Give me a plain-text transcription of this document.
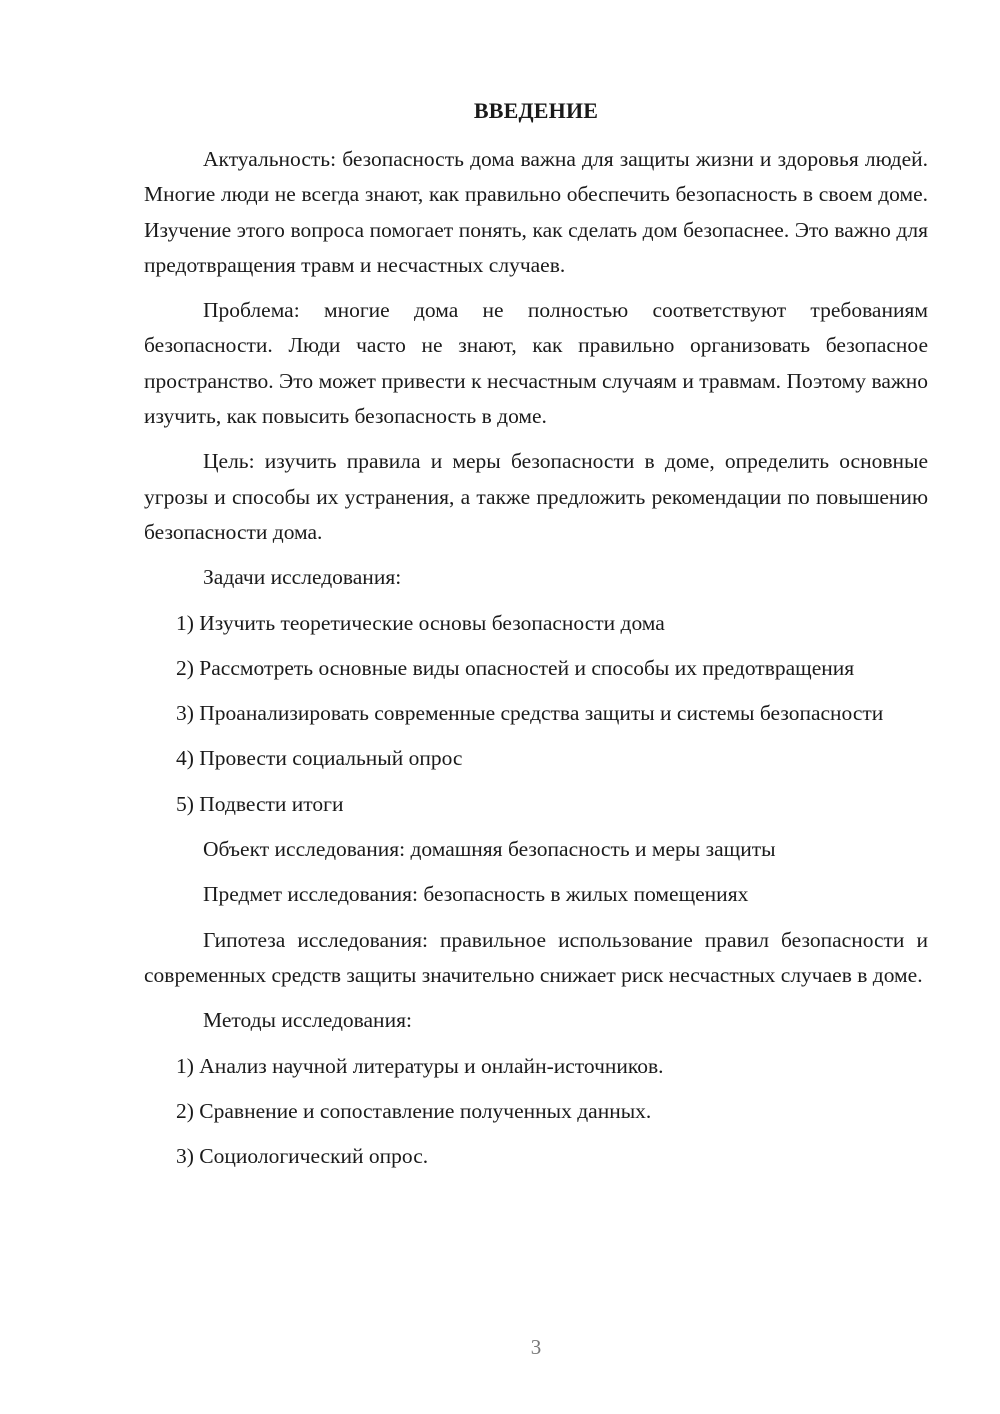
ВВЕДЕНИЕ

Актуальность: безопасность дома важна для защиты жизни и здоровья людей. Многие люди не всегда знают, как правильно обеспечить безопасность в своем доме. Изучение этого вопроса помогает понять, как сделать дом безопаснее. Это важно для предотвращения травм и несчастных случаев.

Проблема: многие дома не полностью соответствуют требованиям безопасности. Люди часто не знают, как правильно организовать безопасное пространство. Это может привести к несчастным случаям и травмам. Поэтому важно изучить, как повысить безопасность в доме.

Цель: изучить правила и меры безопасности в доме, определить основные угрозы и способы их устранения, а также предложить рекомендации по повышению безопасности дома.

Задачи исследования:

1) Изучить теоретические основы безопасности дома

2) Рассмотреть основные виды опасностей и способы их предотвращения

3) Проанализировать современные средства защиты и системы безопасности

4) Провести социальный опрос

5) Подвести итоги

Объект исследования: домашняя безопасность и меры защиты

Предмет исследования: безопасность в жилых помещениях

Гипотеза исследования: правильное использование правил безопасности и современных средств защиты значительно снижает риск несчастных случаев в доме.

Методы исследования:

1) Анализ научной литературы и онлайн-источников.

2) Сравнение и сопоставление полученных данных.

3) Социологический опрос.

3
